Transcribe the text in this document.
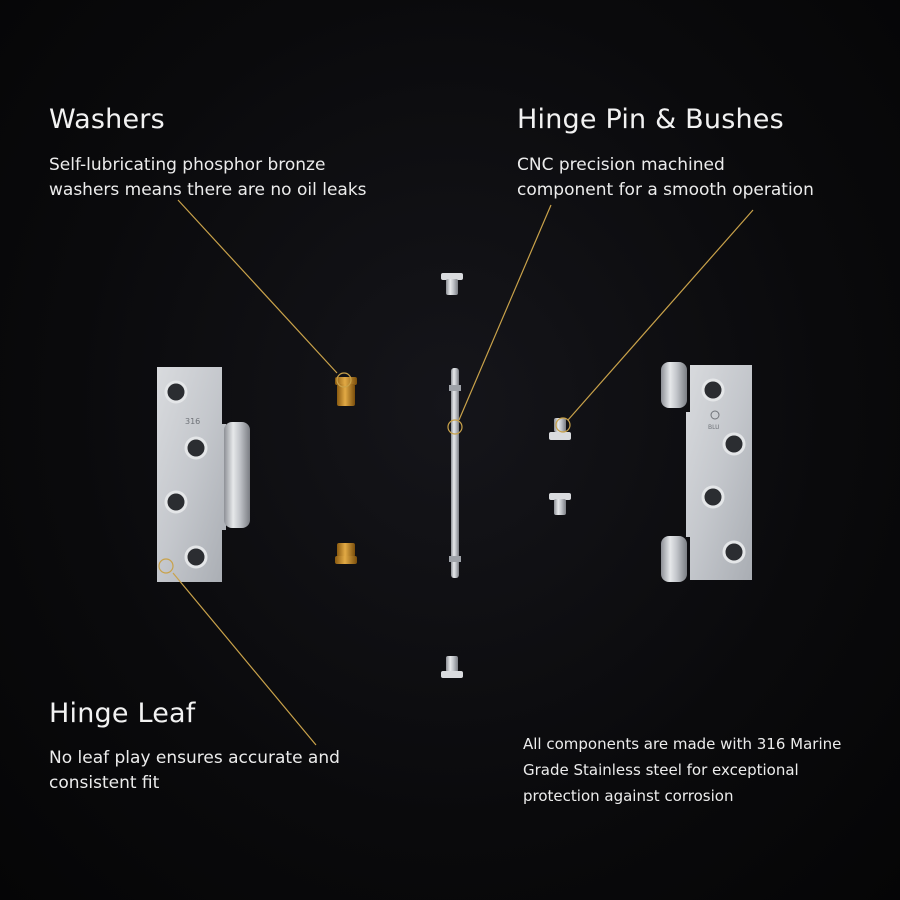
316
BLU
Washers
Self-lubricating phosphor bronze
washers means there are no oil leaks
Hinge Pin & Bushes
CNC precision machined
component for a smooth operation
Hinge Leaf
No leaf play ensures accurate and
consistent fit
All components are made with 316 Marine
Grade Stainless steel for exceptional
protection against corrosion
